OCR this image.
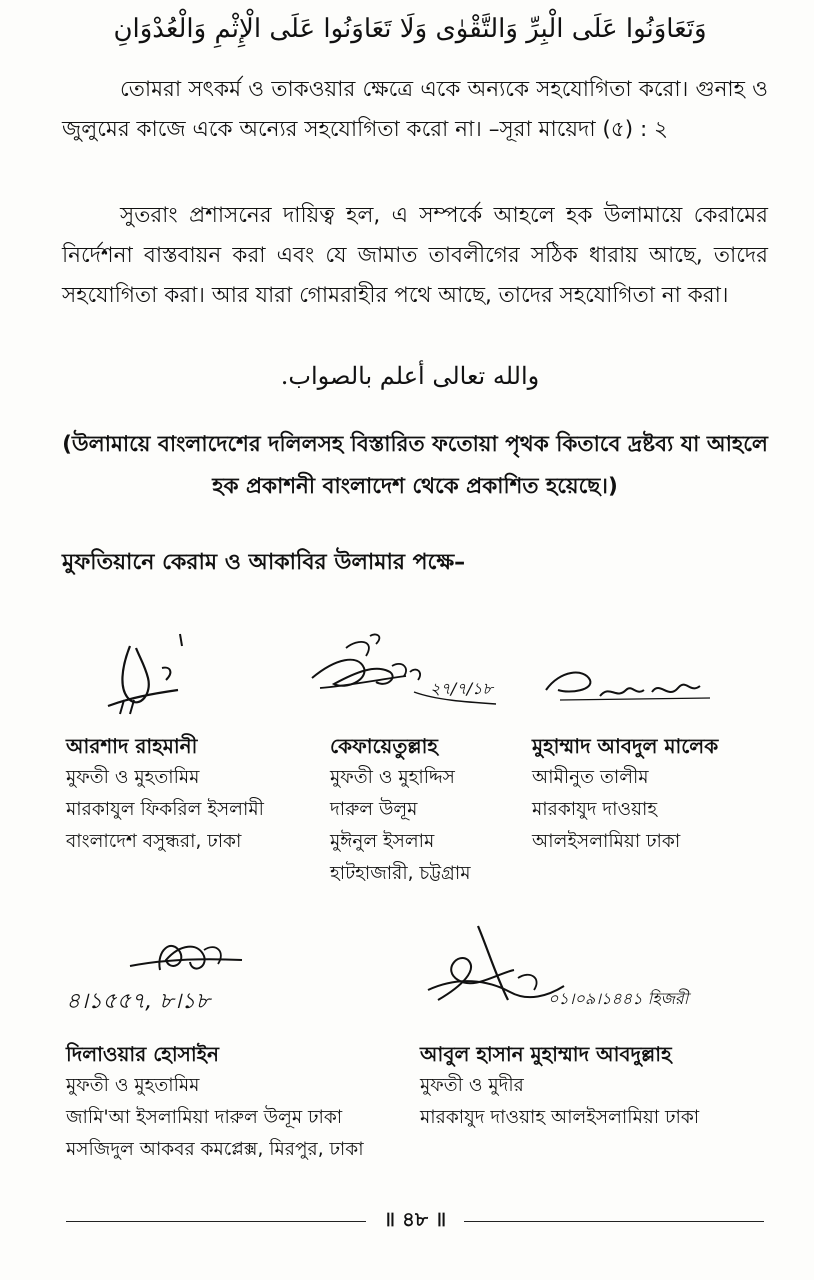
وَتَعَاوَنُوا عَلَى الْبِرِّ وَالتَّقْوٰى وَلَا تَعَاوَنُوا عَلَى الْإِثْمِ وَالْعُدْوَانِ
তোমরা সৎকর্ম ও তাকওয়ার ক্ষেত্রে একে অন্যকে সহযোগিতা করো। গুনাহ ও জুলুমের কাজে একে অন্যের সহযোগিতা করো না। –সূরা মায়েদা (৫) : ২
সুতরাং প্রশাসনের দায়িত্ব হল, এ সম্পর্কে আহলে হক উলামায়ে কেরামের নির্দেশনা বাস্তবায়ন করা এবং যে জামাত তাবলীগের সঠিক ধারায় আছে, তাদের সহযোগিতা করা। আর যারা গোমরাহীর পথে আছে, তাদের সহযোগিতা না করা।
والله تعالى أعلم بالصواب.
(উলামায়ে বাংলাদেশের দলিলসহ বিস্তারিত ফতোয়া পৃথক কিতাবে দ্রষ্টব্য যা আহলে হক প্রকাশনী বাংলাদেশ থেকে প্রকাশিত হয়েছে।)
মুফতিয়ানে কেরাম ও আকাবির উলামার পক্ষে–
২৭/৭/১৮
আরশাদ রাহমানী
মুফতী ও মুহতামিম
মারকাযুল ফিকরিল ইসলামী
বাংলাদেশ বসুন্ধরা, ঢাকা
কেফায়েতুল্লাহ
মুফতী ও মুহাদ্দিস
দারুল উলূম
মুঈনুল ইসলাম
হাটহাজারী, চট্টগ্রাম
মুহাম্মাদ আবদুল মালেক
আমীনুত তালীম
মারকাযুদ দাওয়াহ
আলইসলামিয়া ঢাকা
৪।১৫৫৭, ৮।১৮	০১।০৯।১৪৪১ হিজরী
দিলাওয়ার হোসাইন
মুফতী ও মুহতামিম
জামি'আ ইসলামিয়া দারুল উলূম ঢাকা
মসজিদুল আকবর কমপ্লেক্স, মিরপুর, ঢাকা
আবুল হাসান মুহাম্মাদ আবদুল্লাহ
মুফতী ও মুদীর
মারকাযুদ দাওয়াহ আলইসলামিয়া ঢাকা
॥ ৪৮ ॥
